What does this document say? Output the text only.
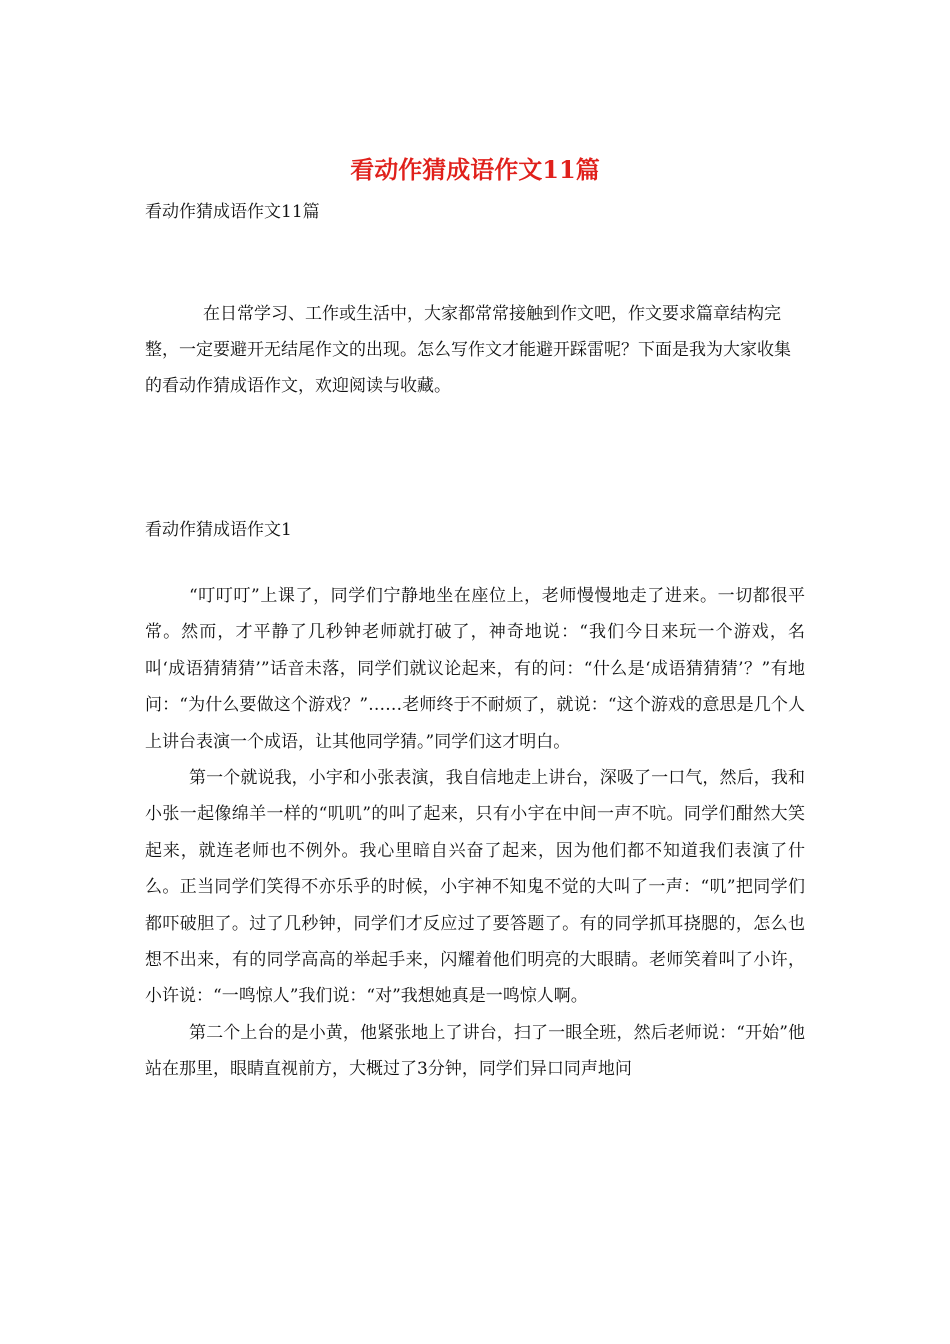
看动作猜成语作文11篇
看动作猜成语作文11篇

在日常学习、工作或生活中，大家都常常接触到作文吧，作文要求篇章结构完整，一定要避开无结尾作文的出现。怎么写作文才能避开踩雷呢？下面是我为大家收集的看动作猜成语作文，欢迎阅读与收藏。

看动作猜成语作文1

“叮叮叮”上课了，同学们宁静地坐在座位上，老师慢慢地走了进来。一切都很平常。然而，才平静了几秒钟老师就打破了，神奇地说：“我们今日来玩一个游戏，名叫‘成语猜猜猜’”话音未落，同学们就议论起来，有的问：“什么是‘成语猜猜猜’？”有地问：“为什么要做这个游戏？”……老师终于不耐烦了，就说：“这个游戏的意思是几个人上讲台表演一个成语，让其他同学猜。”同学们这才明白。

第一个就说我，小宇和小张表演，我自信地走上讲台，深吸了一口气，然后，我和小张一起像绵羊一样的“叽叽”的叫了起来，只有小宇在中间一声不吭。同学们酣然大笑起来，就连老师也不例外。我心里暗自兴奋了起来，因为他们都不知道我们表演了什么。正当同学们笑得不亦乐乎的时候，小宇神不知鬼不觉的大叫了一声：“叽”把同学们都吓破胆了。过了几秒钟，同学们才反应过了要答题了。有的同学抓耳挠腮的，怎么也想不出来，有的同学高高的举起手来，闪耀着他们明亮的大眼睛。老师笑着叫了小许，小许说：“一鸣惊人”我们说：“对”我想她真是一鸣惊人啊。

第二个上台的是小黄，他紧张地上了讲台，扫了一眼全班，然后老师说：“开始”他站在那里，眼睛直视前方，大概过了3分钟，同学们异口同声地问
